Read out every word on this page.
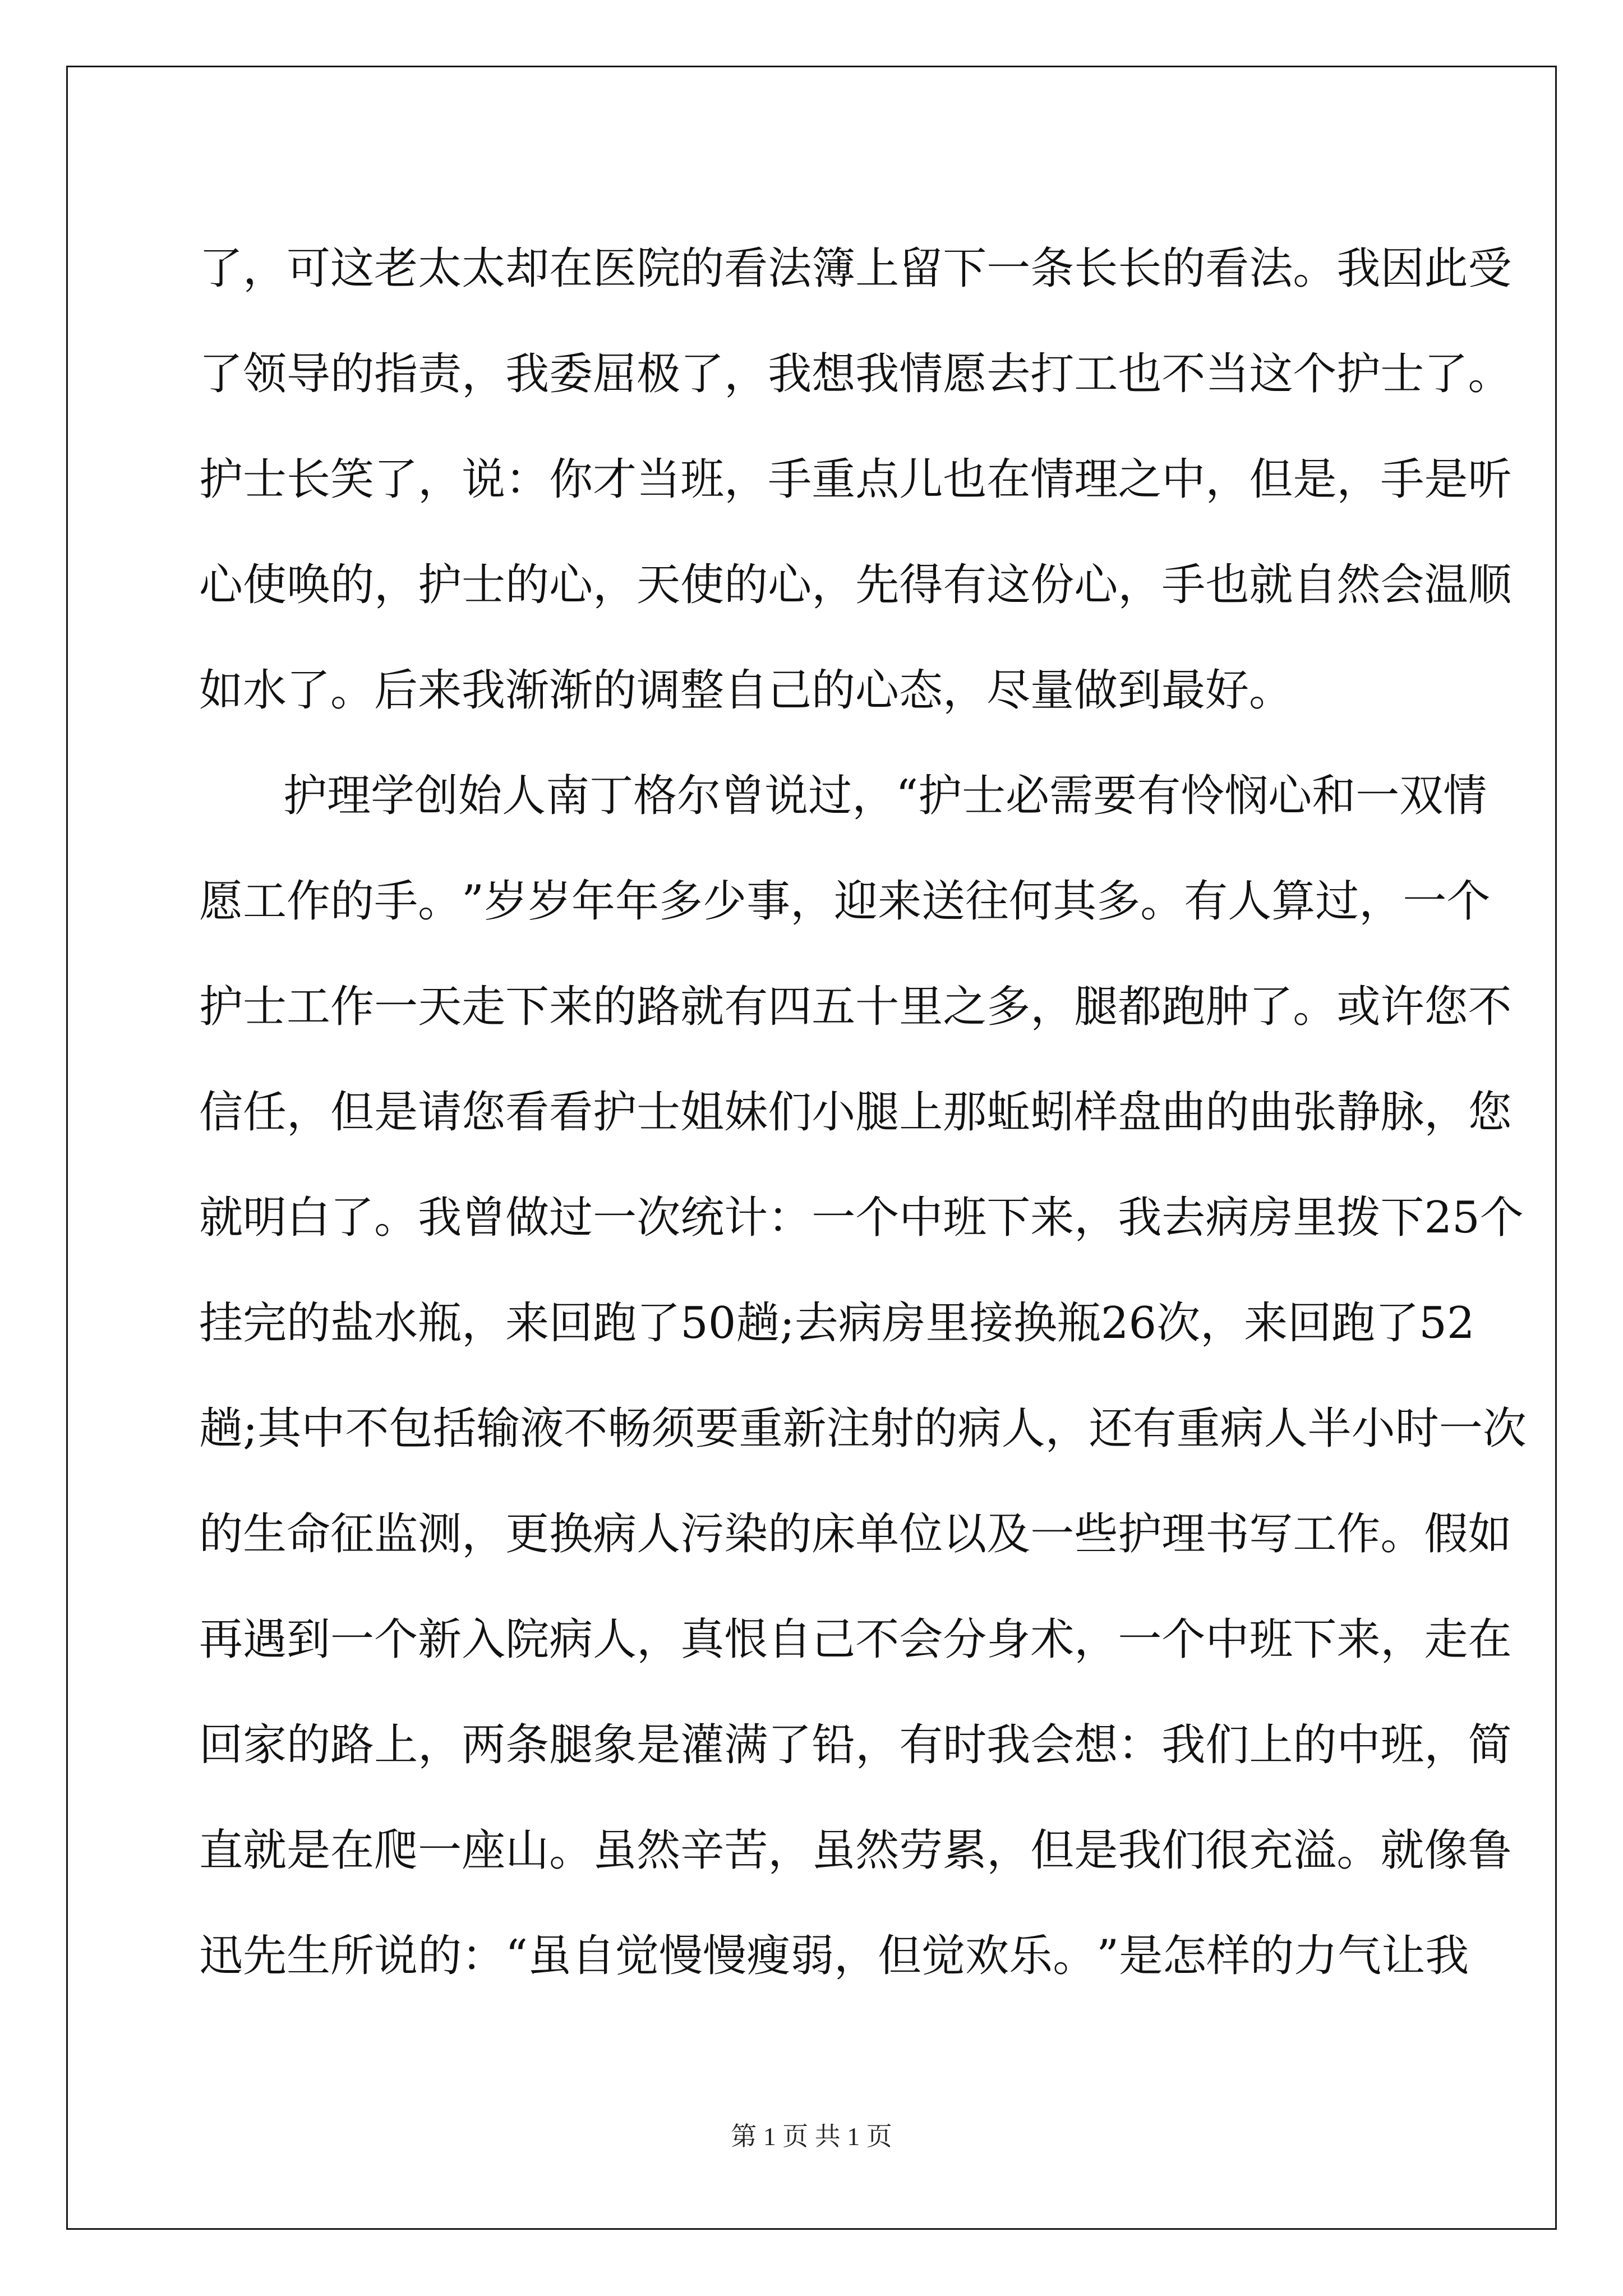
了 ， 可 这 老 太 太 却 在 医 院 的 看 法 簿 上 留 下 一 条 长 长 的 看 法 。 我 因 此 受
了 领 导 的 指 责 ， 我 委 屈 极 了 ， 我 想 我 情 愿 去 打 工 也 不 当 这 个 护 士 了 。
护 士 长 笑 了 ， 说 ： 你 才 当 班 ， 手 重 点 儿 也 在 情 理 之 中 ， 但 是 ， 手 是 听
心 使 唤 的 ， 护 士 的 心 ， 天 使 的 心 ， 先 得 有 这 份 心 ， 手 也 就 自 然 会 温 顺
如水了。后来我渐渐的调整自己的心态，尽量做到最好。
护 理 学 创 始 人 南 丁 格 尔 曾 说 过 ， “ 护 士 必 需 要 有 怜 悯 心 和 一 双 情
愿 工 作 的 手 。 ” 岁 岁 年 年 多 少 事 ， 迎 来 送 往 何 其 多 。 有 人 算 过 ， 一 个
护 士 工 作 一 天 走 下 来 的 路 就 有 四 五 十 里 之 多 ， 腿 都 跑 肿 了 。 或 许 您 不
信 任 ， 但 是 请 您 看 看 护 士 姐 妹 们 小 腿 上 那 蚯 蚓 样 盘 曲 的 曲 张 静 脉 ， 您
就 明 白 了 。 我 曾 做 过 一 次 统 计 ： 一 个 中 班 下 来 ， 我 去 病 房 里 拨 下 25 个
挂 完 的 盐 水 瓶 ， 来 回 跑 了 50 趟 ; 去 病 房 里 接 换 瓶 26 次 ， 来 回 跑 了 52
趟 ; 其 中 不 包 括 输 液 不 畅 须 要 重 新 注 射 的 病 人 ， 还 有 重 病 人 半 小 时 一 次
的 生 命 征 监 测 ， 更 换 病 人 污 染 的 床 单 位 以 及 一 些 护 理 书 写 工 作 。 假 如
再 遇 到 一 个 新 入 院 病 人 ， 真 恨 自 己 不 会 分 身 术 ， 一 个 中 班 下 来 ， 走 在
回 家 的 路 上 ， 两 条 腿 象 是 灌 满 了 铅 ， 有 时 我 会 想 ： 我 们 上 的 中 班 ， 简
直 就 是 在 爬 一 座 山 。 虽 然 辛 苦 ， 虽 然 劳 累 ， 但 是 我 们 很 充 溢 。 就 像 鲁
迅 先 生 所 说 的 ： “ 虽 自 觉 慢 慢 瘦 弱 ， 但 觉 欢 乐 。 ” 是 怎 样 的 力 气 让 我
第 1 页 共 1 页
